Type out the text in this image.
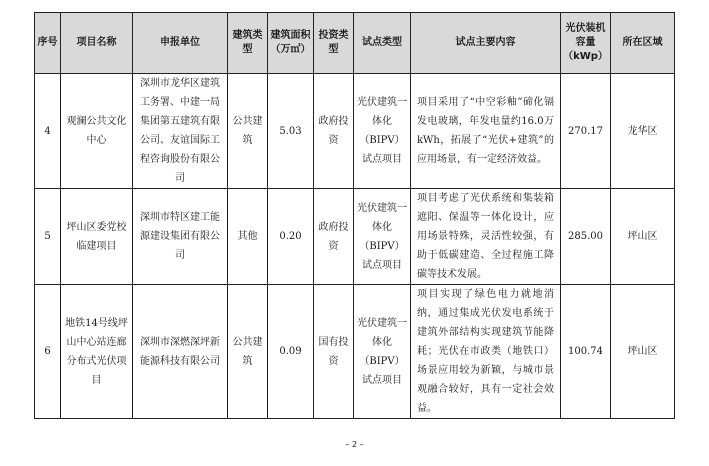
序号	项目名称	申报单位	建筑类型	建筑面积（万㎡）	投资类型	试点类型	试点主要内容	光伏装机容量（kWp）	所在区域

4	观澜公共文化中心	深圳市龙华区建筑工务署、中建一局集团第五建筑有限公司、友谊国际工程咨询股份有限公司	公共建筑	5.03	政府投资	光伏建筑一体化（BIPV）试点项目	项目采用了“中空彩釉”碲化镉发电玻璃，年发电量约16.0万kWh，拓展了“光伏+建筑”的应用场景，有一定经济效益。	270.17	龙华区
5	坪山区委党校临建项目	深圳市特区建工能源建设集团有限公司	其他	0.20	政府投资	光伏建筑一体化（BIPV）试点项目	项目考虑了光伏系统和集装箱遮阳、保温等一体化设计，应用场景特殊，灵活性较强，有助于低碳建造、全过程施工降碳等技术发展。	285.00	坪山区
6	地铁14号线坪山中心站连廊分布式光伏项目	深圳市深燃深坪新能源科技有限公司	公共建筑	0.09	国有投资	光伏建筑一体化（BIPV）试点项目	项目实现了绿色电力就地消纳，通过集成光伏发电系统于建筑外部结构实现建筑节能降耗；光伏在市政类（地铁口）场景应用较为新颖，与城市景观融合较好，具有一定社会效益。	100.74	坪山区
– 2 –
